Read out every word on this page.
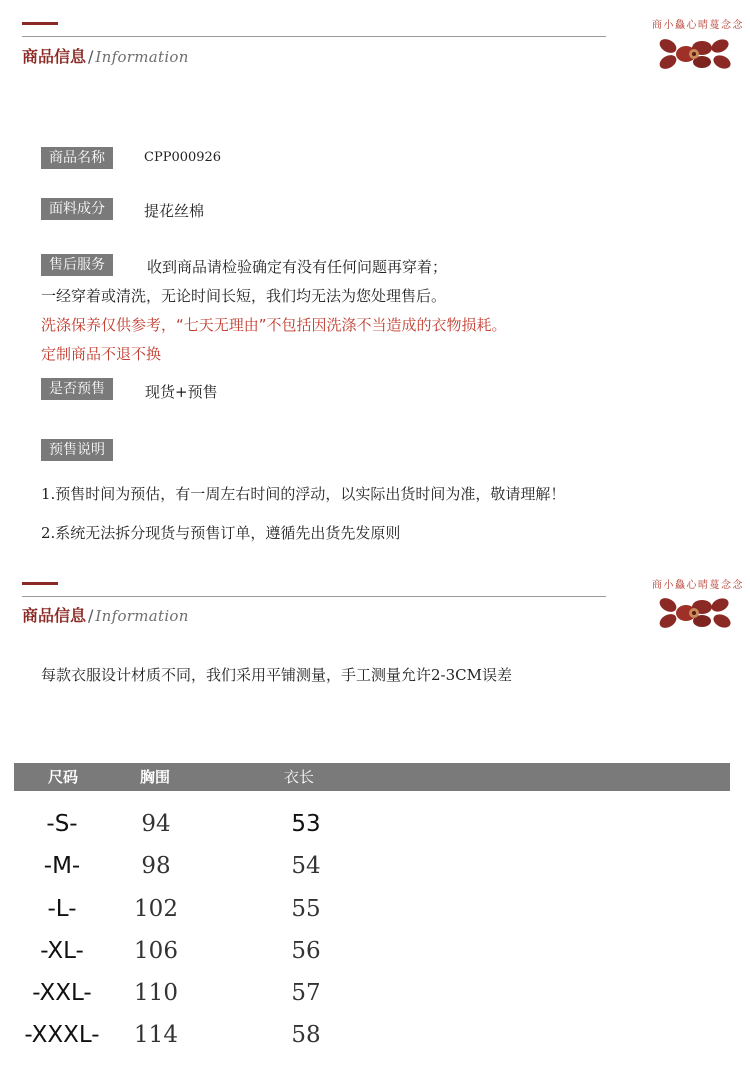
商品信息 / Information
商小鱻心晴蔓念念
商品名称	CPP000926
面料成分	提花丝棉
售后服务	收到商品请检验确定有没有任何问题再穿着；
一经穿着或清洗，无论时间长短，我们均无法为您处理售后。
洗涤保养仅供参考，“七天无理由”不包括因洗涤不当造成的衣物损耗。
定制商品不退不换
是否预售	现货+预售
预售说明
1.预售时间为预估，有一周左右时间的浮动，以实际出货时间为准，敬请理解！
2.系统无法拆分现货与预售订单，遵循先出货先发原则
商品信息 / Information
商小鱻心晴蔓念念
每款衣服设计材质不同，我们采用平铺测量，手工测量允许2-3CM误差
尺码	胸围	衣长
-S-	94	53
-M-	98	54
-L-	102	55
-XL-	106	56
-XXL-	110	57
-XXXL-	114	58
